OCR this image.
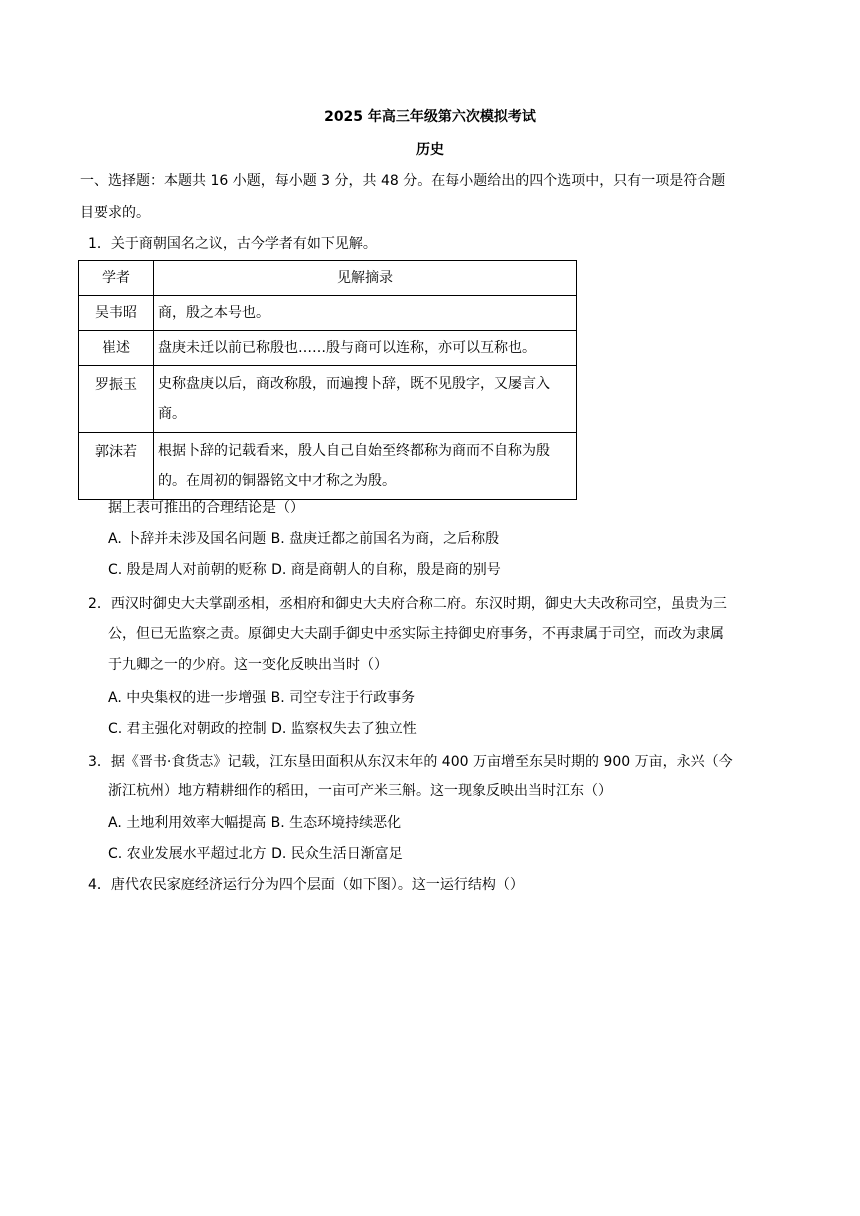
2025 年高三年级第六次模拟考试
历史
一、选择题：本题共 16 小题，每小题 3 分，共 48 分。在每小题给出的四个选项中，只有一项是符合题
目要求的。
1．关于商朝国名之议，古今学者有如下见解。
学者	见解摘录
吴韦昭	商，殷之本号也。
崔述	盘庚未迁以前已称殷也……殷与商可以连称，亦可以互称也。
罗振玉	史称盘庚以后，商改称殷，而遍搜卜辞，既不见殷字，又屡言入商。
郭沫若	根据卜辞的记载看来，殷人自己自始至终都称为商而不自称为殷的。在周初的铜器铭文中才称之为殷。
据上表可推出的合理结论是（）
A. 卜辞并未涉及国名问题 B. 盘庚迁都之前国名为商，之后称殷
C. 殷是周人对前朝的贬称 D. 商是商朝人的自称，殷是商的别号
2．西汉时御史大夫掌副丞相，丞相府和御史大夫府合称二府。东汉时期，御史大夫改称司空，虽贵为三
公，但已无监察之责。原御史大夫副手御史中丞实际主持御史府事务，不再隶属于司空，而改为隶属
于九卿之一的少府。这一变化反映出当时（）
A. 中央集权的进一步增强 B. 司空专注于行政事务
C. 君主强化对朝政的控制 D. 监察权失去了独立性
3．据《晋书·食货志》记载，江东垦田面积从东汉末年的 400 万亩增至东吴时期的 900 万亩，永兴（今
浙江杭州）地方精耕细作的稻田，一亩可产米三斛。这一现象反映出当时江东（）
A. 土地利用效率大幅提高 B. 生态环境持续恶化
C. 农业发展水平超过北方 D. 民众生活日渐富足
4．唐代农民家庭经济运行分为四个层面（如下图）。这一运行结构（）
